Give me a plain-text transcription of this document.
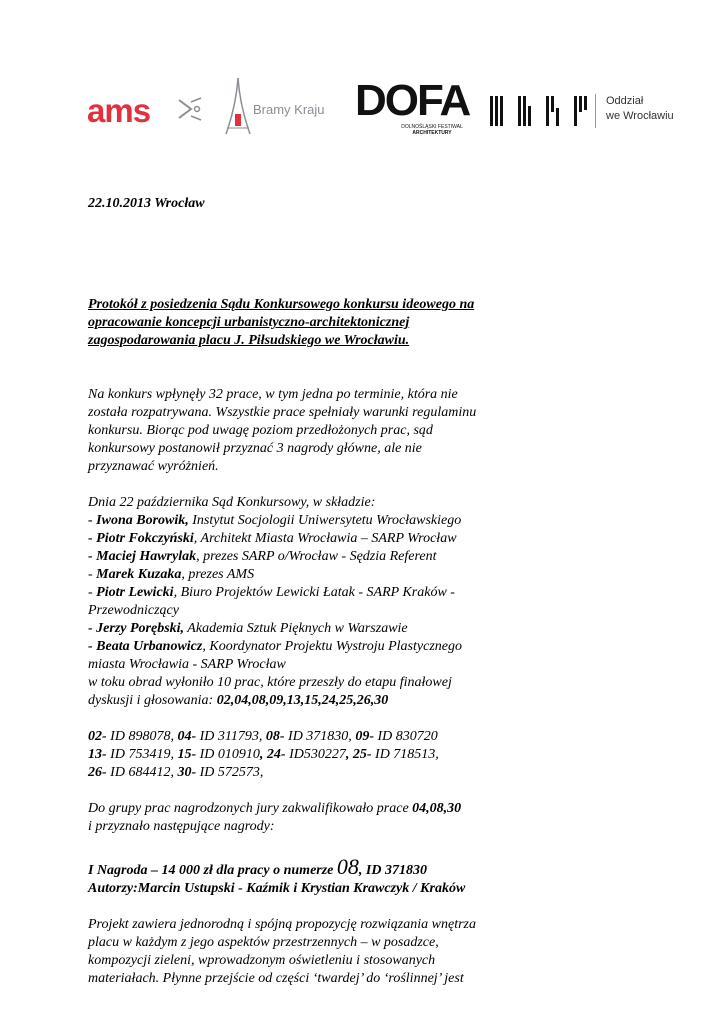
ams	Bramy Kraju DOFA
DOLNOŚLĄSKI FESTIWAL
ARCHITEKTURY
Oddział
we Wrocławiu

22.10.2013 Wrocław

Protokół z posiedzenia Sądu Konkursowego konkursu ideowego na

opracowanie koncepcji urbanistyczno-architektonicznej

zagospodarowania placu J. Piłsudskiego we Wrocławiu.

Na konkurs wpłynęły 32 prace, w tym jedna po terminie, która nie

została rozpatrywana. Wszystkie prace spełniały warunki regulaminu

konkursu. Biorąc pod uwagę poziom przedłożonych prac, sąd

konkursowy postanowił przyznać 3 nagrody główne, ale nie

przyznawać wyróżnień.

Dnia 22 października Sąd Konkursowy, w składzie:

- Iwona Borowik, Instytut Socjologii Uniwersytetu Wrocławskiego

- Piotr Fokczyński, Architekt Miasta Wrocławia – SARP Wrocław

- Maciej Hawrylak, prezes SARP o/Wrocław - Sędzia Referent

- Marek Kuzaka, prezes AMS

- Piotr Lewicki, Biuro Projektów Lewicki Łatak - SARP Kraków -

Przewodniczący

- Jerzy Porębski, Akademia Sztuk Pięknych w Warszawie

- Beata Urbanowicz, Koordynator Projektu Wystroju Plastycznego

miasta Wrocławia - SARP Wrocław

w toku obrad wyłoniło 10 prac, które przeszły do etapu finałowej

dyskusji i głosowania: 02,04,08,09,13,15,24,25,26,30

02- ID 898078, 04- ID 311793, 08- ID 371830, 09- ID 830720

13- ID 753419, 15- ID 010910, 24- ID530227, 25- ID 718513,

26- ID 684412, 30- ID 572573,

Do grupy prac nagrodzonych jury zakwalifikowało prace 04,08,30

i przyznało następujące nagrody:

I Nagroda – 14 000 zł dla pracy o numerze 08, ID 371830

Autorzy:Marcin Ustupski - Kaźmik i Krystian Krawczyk / Kraków

Projekt zawiera jednorodną i spójną propozycję rozwiązania wnętrza

placu w każdym z jego aspektów przestrzennych – w posadzce,

kompozycji zieleni, wprowadzonym oświetleniu i stosowanych

materiałach. Płynne przejście od części ‘twardej’ do ‘roślinnej’ jest
